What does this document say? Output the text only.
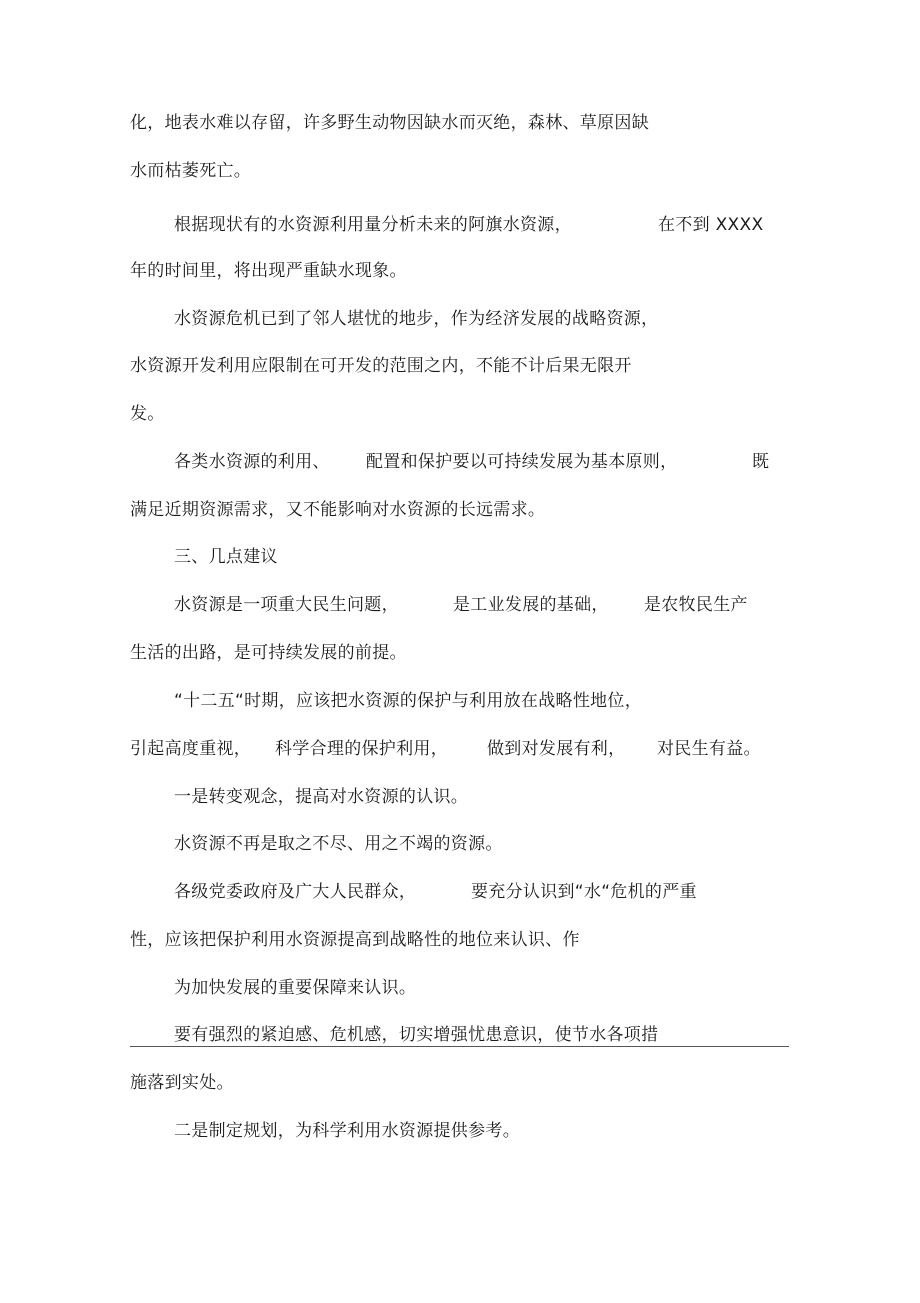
化，地表水难以存留，许多野生动物因缺水而灭绝，森林、草原因缺
水而枯萎死亡。
根据现状有的水资源利用量分析未来的阿旗水资源，	在不到 XXXX
年的时间里，将出现严重缺水现象。
水资源危机已到了邻人堪忧的地步，作为经济发展的战略资源，
水资源开发利用应限制在可开发的范围之内，不能不计后果无限开
发。
各类水资源的利用、 配置和保护要以可持续发展为基本原则，	既
满足近期资源需求，又不能影响对水资源的长远需求。
三、几点建议
水资源是一项重大民生问题，	是工业发展的基础， 是农牧民生产
生活的出路，是可持续发展的前提。
“十二五“时期，应该把水资源的保护与利用放在战略性地位，
引起高度重视， 科学合理的保护利用， 做到对发展有利， 对民生有益。
一是转变观念，提高对水资源的认识。
水资源不再是取之不尽、用之不竭的资源。
各级党委政府及广大人民群众，	要充分认识到“水“危机的严重
性，应该把保护利用水资源提高到战略性的地位来认识、作
为加快发展的重要保障来认识。
要有强烈的紧迫感、危机感，切实增强忧患意识，使节水各项措
施落到实处。
二是制定规划，为科学利用水资源提供参考。
